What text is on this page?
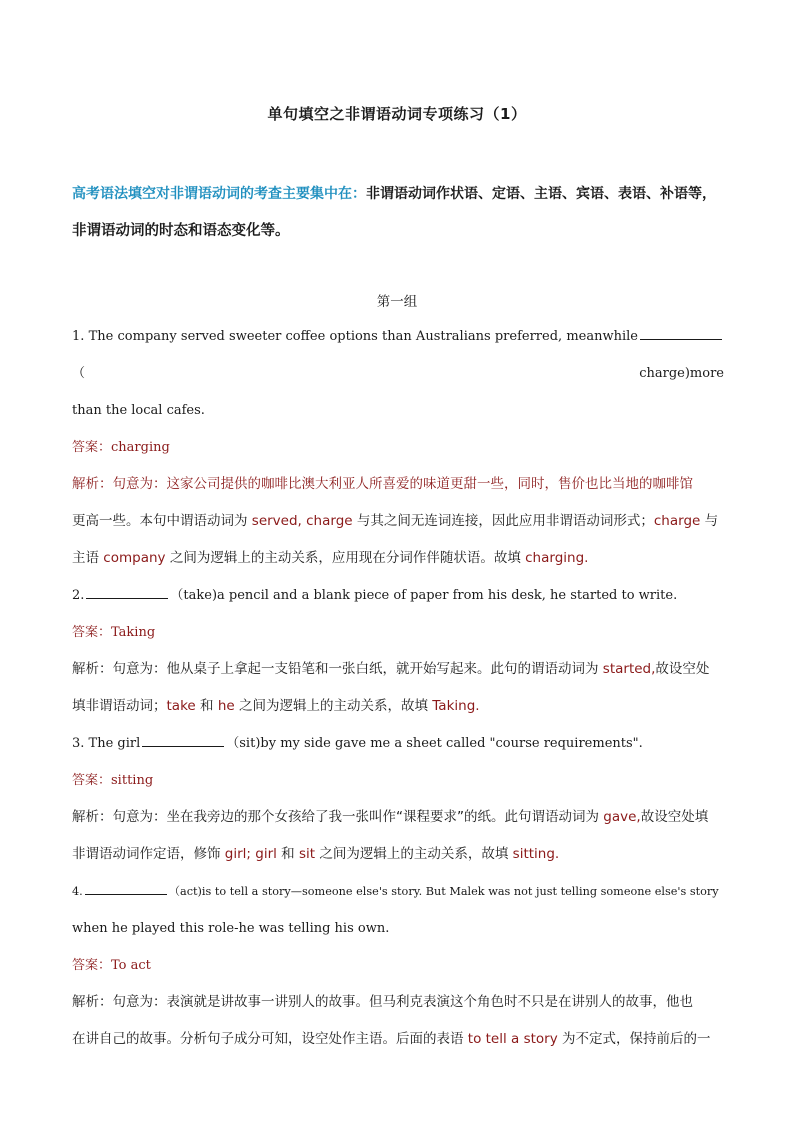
单句填空之非谓语动词专项练习（1）
高考语法填空对非谓语动词的考查主要集中在：非谓语动词作状语、定语、主语、宾语、表语、补语等，
非谓语动词的时态和语态变化等。
第一组
1. The company served sweeter coffee options than Australians preferred, meanwhile（charge)more
than the local cafes.
答案：charging
解析：句意为：这家公司提供的咖啡比澳大利亚人所喜爱的味道更甜一些，同时，售价也比当地的咖啡馆
更高一些。本句中谓语动词为 served, charge 与其之间无连词连接，因此应用非谓语动词形式；charge 与
主语 company 之间为逻辑上的主动关系，应用现在分词作伴随状语。故填 charging.
2.	（take)a pencil and a blank piece of paper from his desk, he started to write.
答案：Taking
解析：句意为：他从桌子上拿起一支铅笔和一张白纸，就开始写起来。此句的谓语动词为 started,故设空处
填非谓语动词；take 和 he 之间为逻辑上的主动关系，故填 Taking.
3. The girl	（sit)by my side gave me a sheet called "course requirements".
答案：sitting
解析：句意为：坐在我旁边的那个女孩给了我一张叫作“课程要求”的纸。此句谓语动词为 gave,故设空处填
非谓语动词作定语，修饰 girl; girl 和 sit 之间为逻辑上的主动关系，故填 sitting.
4.	（act)is to tell a story—someone else's story. But Malek was not just telling someone else's story
when he played this role-he was telling his own.
答案：To act
解析：句意为：表演就是讲故事一讲别人的故事。但马利克表演这个角色时不只是在讲别人的故事，他也
在讲自己的故事。分析句子成分可知，设空处作主语。后面的表语 to tell a story 为不定式，保持前后的一
